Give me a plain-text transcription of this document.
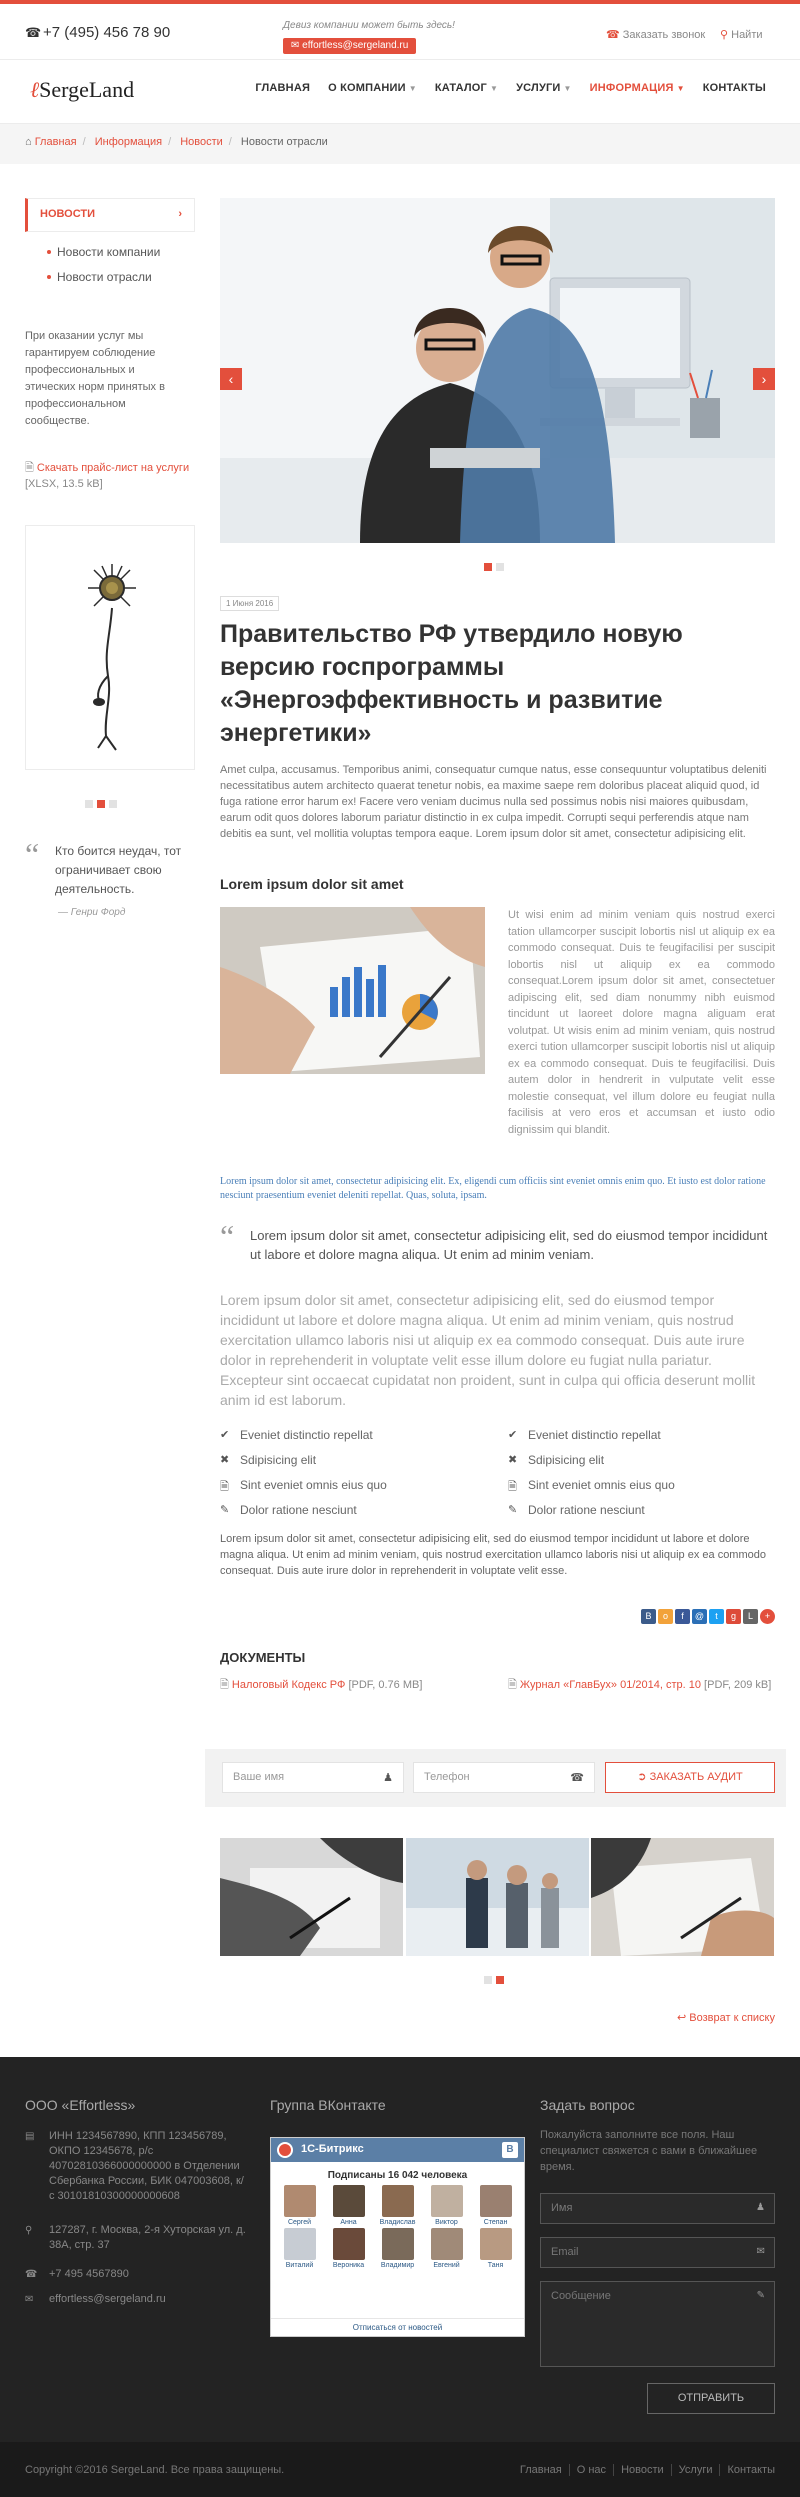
☎ +7 (495) 456 78 90	Девиз компании может быть здесь!
✉ effortless@sergeland.ru
☎ Заказать звонок ⚲ Найти
ℓSergeLand	ГЛАВНАЯ	О КОМПАНИИ ▼	КАТАЛОГ ▼	УСЛУГИ ▼	ИНФОРМАЦИЯ ▼	КОНТАКТЫ
⌂ Главная / Информация / Новости / Новости отрасли
НОВОСТИ	›
Новости компании
Новости отрасли
При оказании услуг мы гарантируем соблюдение профессиональных и этических норм принятых в профессиональном сообществе.
🗎 Скачать прайс-лист на услуги [XLSX, 13.5 kB]
“ Кто боится неудач, тот ограничивает свою деятельность.
— Генри Форд
‹	›
1 Июня 2016
Правительство РФ утвердило новую версию госпрограммы «Энергоэффективность и развитие энергетики»
Amet culpa, accusamus. Temporibus animi, consequatur cumque natus, esse consequuntur voluptatibus deleniti necessitatibus autem architecto quaerat tenetur nobis, ea maxime saepe rem doloribus placeat aliquid quod, id fuga ratione error harum ex! Facere vero veniam ducimus nulla sed possimus nobis nisi maiores quibusdam, earum odit quos dolores laborum pariatur distinctio in ex culpa impedit. Corrupti sequi perferendis atque nam debitis ea sunt, vel mollitia voluptas tempora eaque. Lorem ipsum dolor sit amet, consectetur adipisicing elit.
Lorem ipsum dolor sit amet
Ut wisi enim ad minim veniam quis nostrud exerci tation ullamcorper suscipit lobortis nisl ut aliquip ex ea commodo consequat. Duis te feugifacilisi per suscipit lobortis nisl ut aliquip ex ea commodo consequat.Lorem ipsum dolor sit amet, consectetuer adipiscing elit, sed diam nonummy nibh euismod tincidunt ut laoreet dolore magna aliguam erat volutpat. Ut wisis enim ad minim veniam, quis nostrud exerci tution ullamcorper suscipit lobortis nisl ut aliquip ex ea commodo consequat. Duis te feugifacilisi. Duis autem dolor in hendrerit in vulputate velit esse molestie consequat, vel illum dolore eu feugiat nulla facilisis at vero eros et accumsan et iusto odio dignissim qui blandit.
Lorem ipsum dolor sit amet, consectetur adipisicing elit. Ex, eligendi cum officiis sint eveniet omnis enim quo. Et iusto est dolor ratione nesciunt praesentium eveniet deleniti repellat. Quas, soluta, ipsam.
“ Lorem ipsum dolor sit amet, consectetur adipisicing elit, sed do eiusmod tempor incididunt ut labore et dolore magna aliqua. Ut enim ad minim veniam.
Lorem ipsum dolor sit amet, consectetur adipisicing elit, sed do eiusmod tempor incididunt ut labore et dolore magna aliqua. Ut enim ad minim veniam, quis nostrud exercitation ullamco laboris nisi ut aliquip ex ea commodo consequat. Duis aute irure dolor in reprehenderit in voluptate velit esse illum dolore eu fugiat nulla pariatur. Excepteur sint occaecat cupidatat non proident, sunt in culpa qui officia deserunt mollit anim id est laborum.
✔ Eveniet distinctio repellat
✖ Sdipisicing elit
🗎 Sint eveniet omnis eius quo
✎ Dolor ratione nesciunt
✔ Eveniet distinctio repellat
✖ Sdipisicing elit
🗎 Sint eveniet omnis eius quo
✎ Dolor ratione nesciunt
Lorem ipsum dolor sit amet, consectetur adipisicing elit, sed do eiusmod tempor incididunt ut labore et dolore magna aliqua. Ut enim ad minim veniam, quis nostrud exercitation ullamco laboris nisi ut aliquip ex ea commodo consequat. Duis aute irure dolor in reprehenderit in voluptate velit esse.
B	o	f	@	t	g	L	+
ДОКУМЕНТЫ
🗎 Налоговый Кодекс РФ [PDF, 0.76 MB]	🗎 Журнал «ГлавБух» 01/2014, стр. 10 [PDF, 209 kB]
Ваше имя	♟	Телефон	☎	➲ ЗАКАЗАТЬ АУДИТ
↩ Возврат к списку
ООО «Effortless»
▤ ИНН 1234567890, КПП 123456789, ОКПО 12345678, р/с 40702810366000000000 в Отделении Сбербанка России, БИК 047003608, к/с 30101810300000000608
⚲ 127287, г. Москва, 2-я Хуторская ул. д. 38А, стр. 37
☎ +7 495 4567890
✉ effortless@sergeland.ru
Группа ВКонтакте
1С-Битрикс	B
Подписаны 16 042 человека
Сергей	Анна	Владислав	Виктор	Степан
Виталий	Вероника	Владимир	Евгений	Таня
Отписаться от новостей
Задать вопрос
Пожалуйста заполните все поля. Наш специалист свяжется с вами в ближайшее время.
Имя	♟
Email	✉
Сообщение	✎
ОТПРАВИТЬ
Copyright ©2016 SergeLand. Все права защищены.	Главная	О нас	Новости	Услуги	Контакты
